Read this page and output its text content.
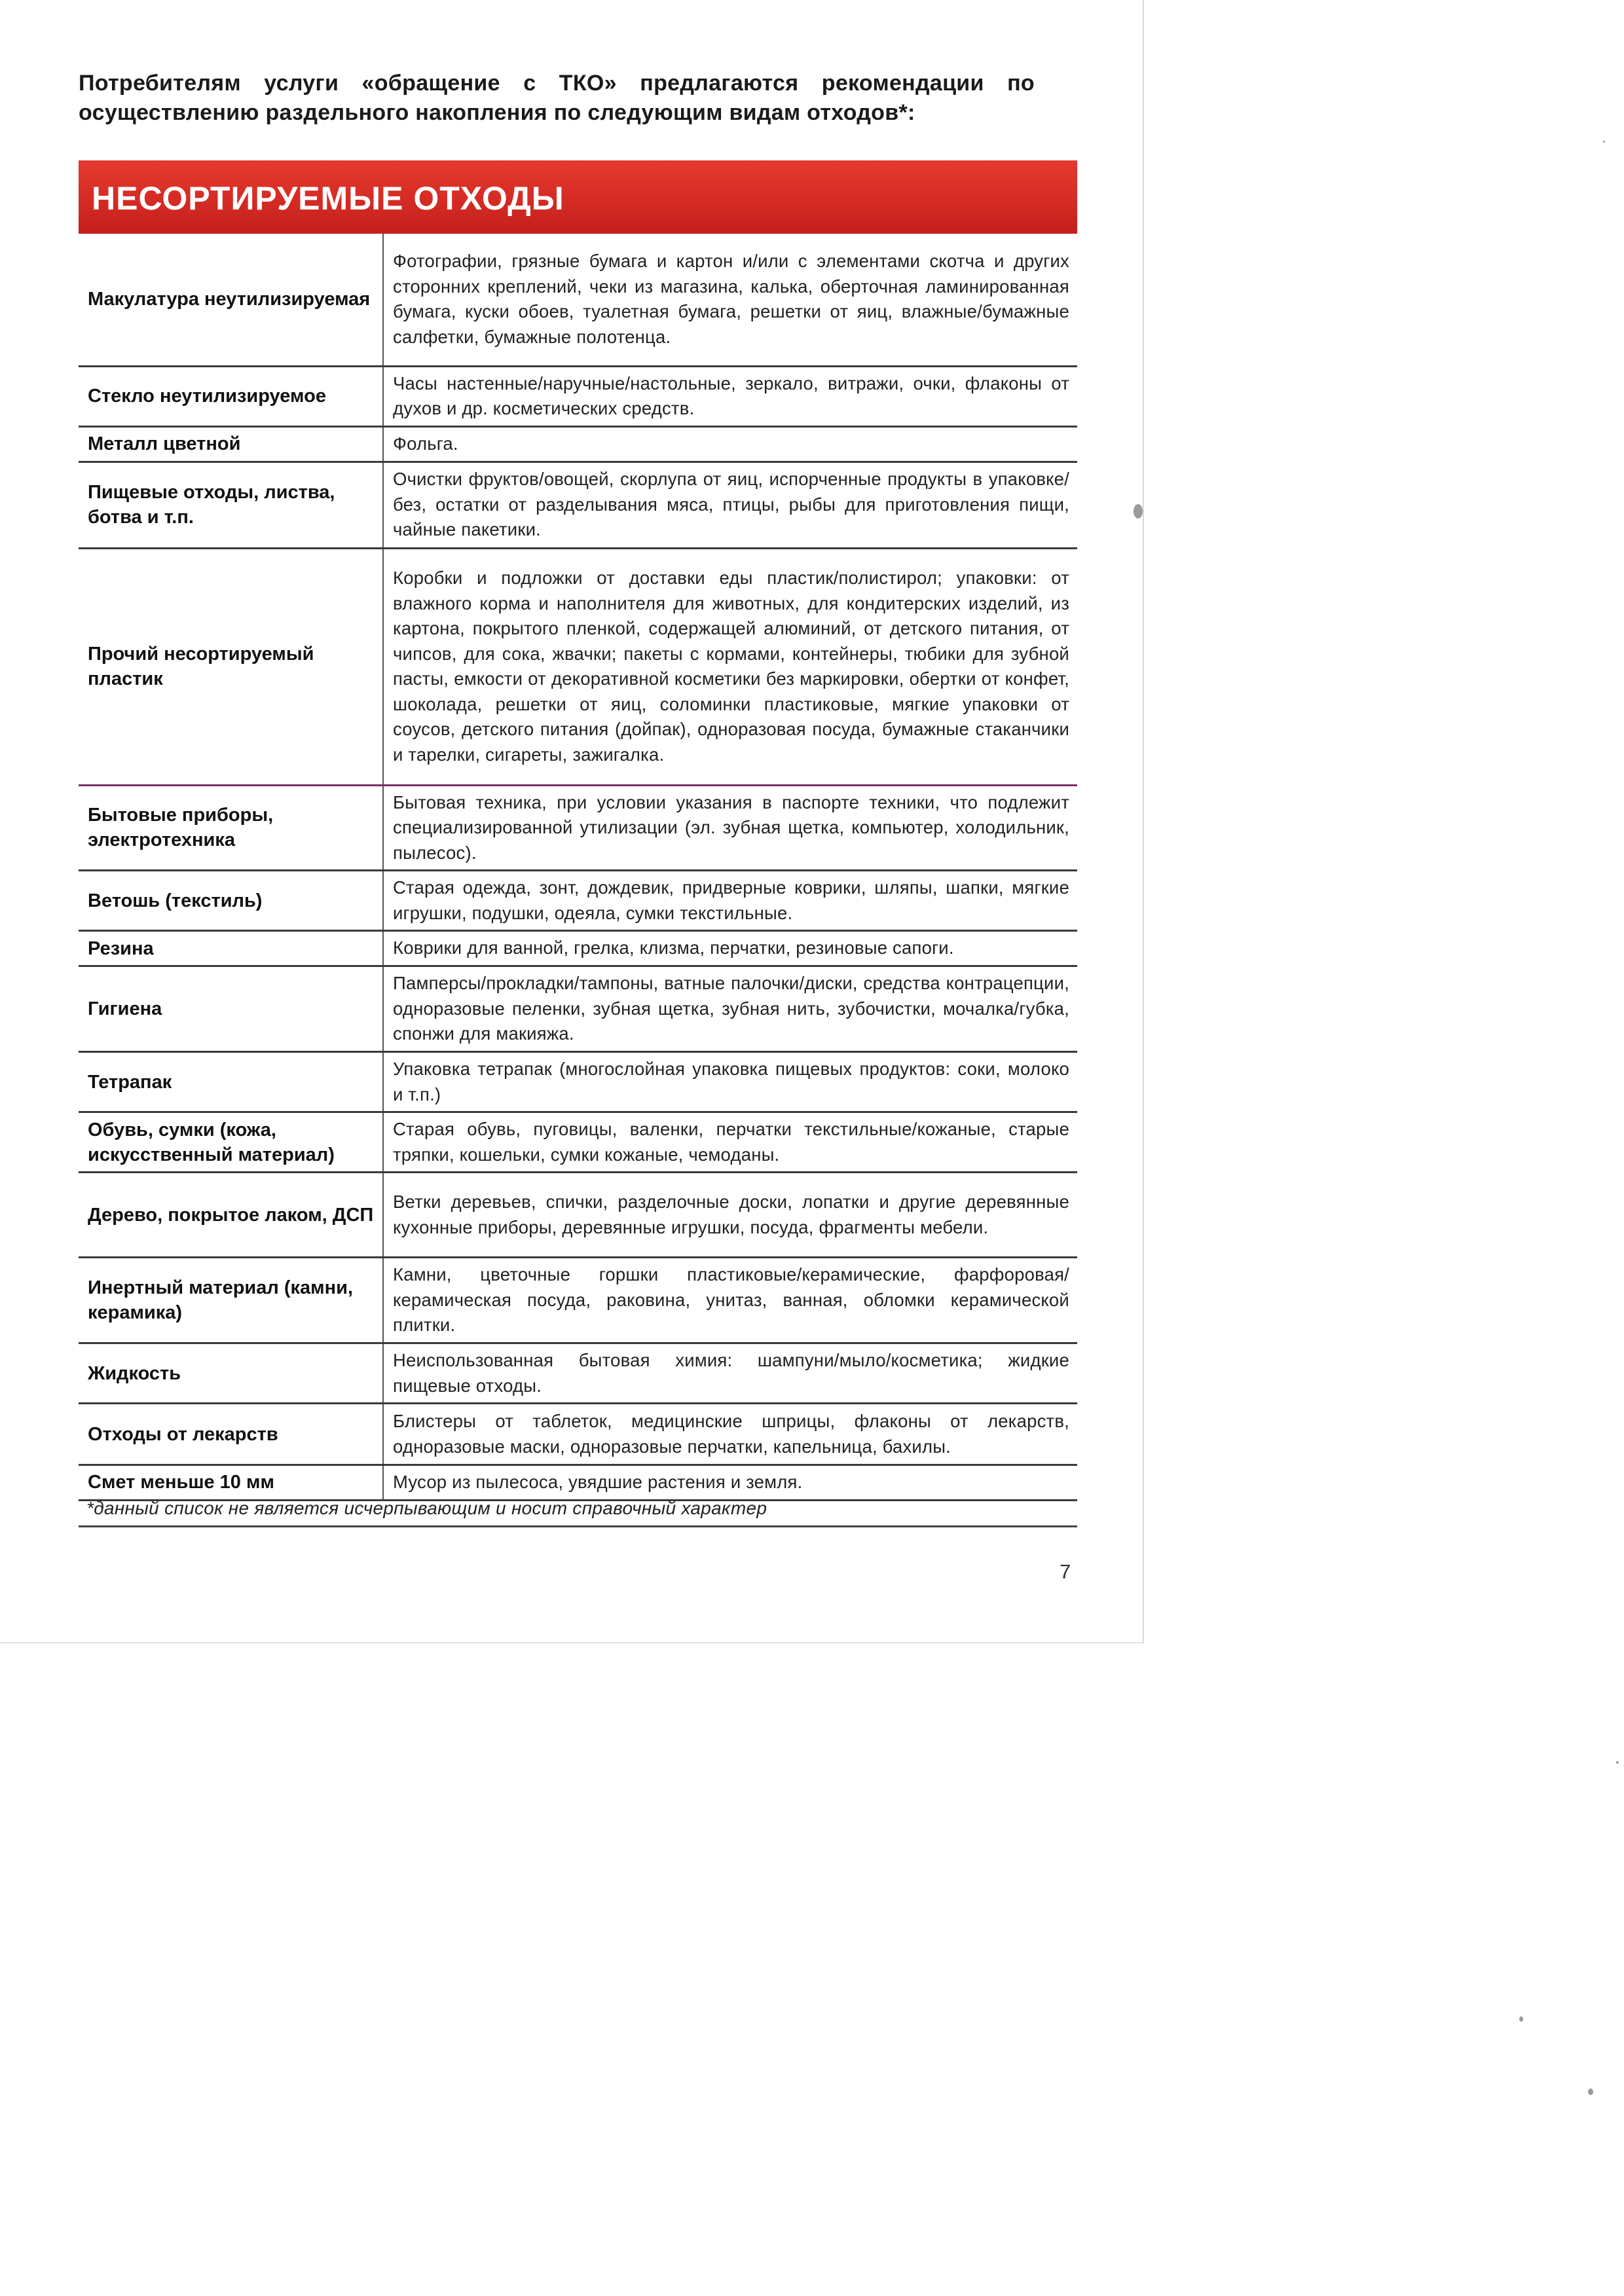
Потребителям услуги «обращение с ТКО» предлагаются рекомендации по осуществлению раздельного накопления по следующим видам отходов*:
НЕСОРТИРУЕМЫЕ ОТХОДЫ
Макулатура неутилизируемая	Фотографии, грязные бумага и картон и/или с элементами скотча и других сторонних креплений, чеки из магазина, калька, оберточная ламинированная бумага, куски обоев, туалетная бумага, решетки от яиц, влажные/бумажные салфетки, бумажные полотенца.
Стекло неутилизируемое	Часы настенные/наручные/настольные, зеркало, витражи, очки, флаконы от духов и др. косметических средств.
Металл цветной	Фольга.
Пищевые отходы, листва, ботва и т.п.	Очистки фруктов/овощей, скорлупа от яиц, испорченные продукты в упаковке/без, остатки от разделывания мяса, птицы, рыбы для приготовления пищи, чайные пакетики.
Прочий несортируемый пластик	Коробки и подложки от доставки еды пластик/полистирол; упаковки: от влажного корма и наполнителя для животных, для кондитерских изделий, из картона, покрытого пленкой, содержащей алюминий, от детского питания, от чипсов, для сока, жвачки; пакеты с кормами, контейнеры, тюбики для зубной пасты, емкости от декоративной косметики без маркировки, обертки от конфет, шоколада, решетки от яиц, соломинки пластиковые, мягкие упаковки от соусов, детского питания (дойпак), одноразовая посуда, бумажные стаканчики и тарелки, сигареты, зажигалка.
Бытовые приборы, электротехника	Бытовая техника, при условии указания в паспорте техники, что подлежит специализированной утилизации (эл. зубная щетка, компьютер, холодильник, пылесос).
Ветошь (текстиль)	Старая одежда, зонт, дождевик, придверные коврики, шляпы, шапки, мягкие игрушки, подушки, одеяла, сумки текстильные.
Резина	Коврики для ванной, грелка, клизма, перчатки, резиновые сапоги.
Гигиена	Памперсы/прокладки/тампоны, ватные палочки/диски, средства контрацепции, одноразовые пеленки, зубная щетка, зубная нить, зубочистки, мочалка/губка, спонжи для макияжа.
Тетрапак	Упаковка тетрапак (многослойная упаковка пищевых продуктов: соки, молоко и т.п.)
Обувь, сумки (кожа, искусственный материал)	Старая обувь, пуговицы, валенки, перчатки текстильные/кожаные, старые тряпки, кошельки, сумки кожаные, чемоданы.
Дерево, покрытое лаком, ДСП	Ветки деревьев, спички, разделочные доски, лопатки и другие деревянные кухонные приборы, деревянные игрушки, посуда, фрагменты мебели.
Инертный материал (камни, керамика)	Камни, цветочные горшки пластиковые/керамические, фарфоровая/керамическая посуда, раковина, унитаз, ванная, обломки керамической плитки.
Жидкость	Неиспользованная бытовая химия: шампуни/мыло/косметика; жидкие пищевые отходы.
Отходы от лекарств	Блистеры от таблеток, медицинские шприцы, флаконы от лекарств, одноразовые маски, одноразовые перчатки, капельница, бахилы.
Смет меньше 10 мм	Мусор из пылесоса, увядшие растения и земля.
*данный список не является исчерпывающим и носит справочный характер
7
